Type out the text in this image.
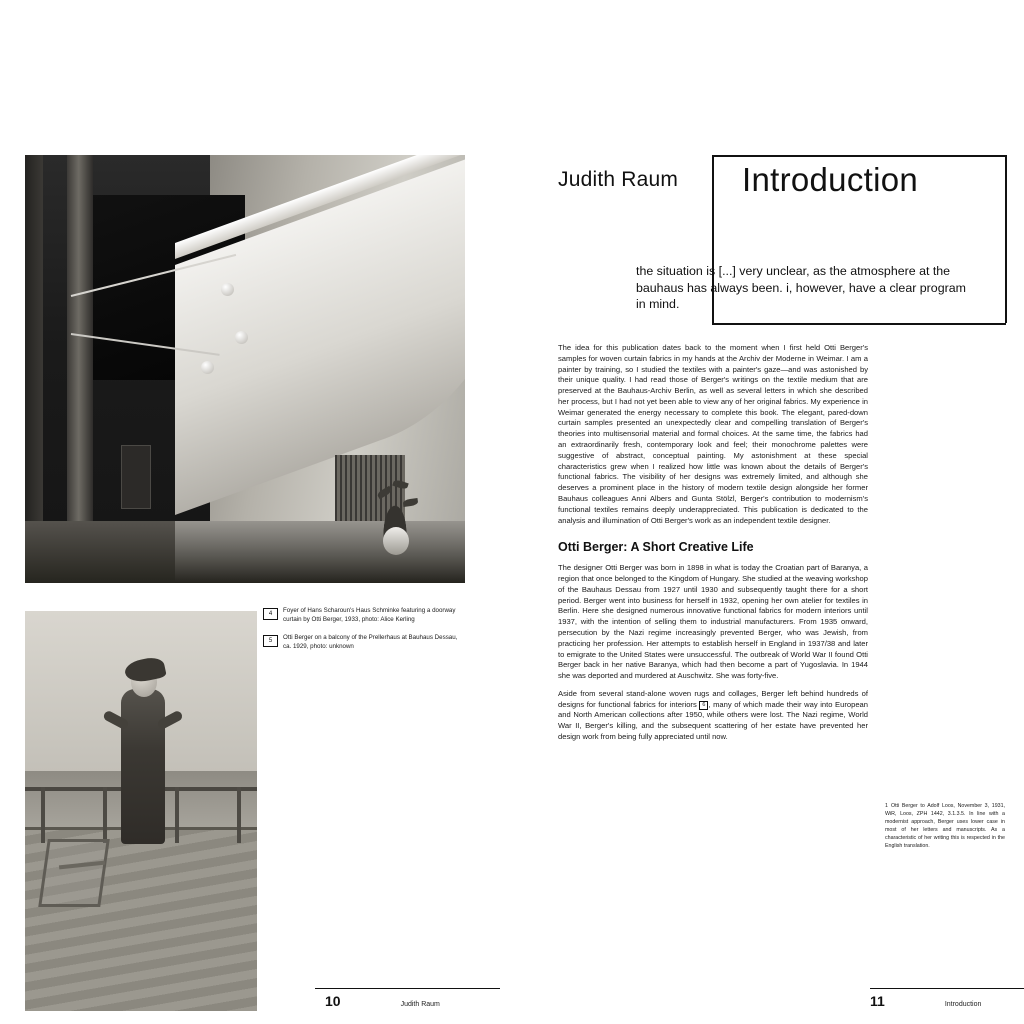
4	Foyer of Hans Scharoun's Haus Schminke featuring a doorway curtain by Otti Berger, 1933, photo: Alice Kerling
5	Otti Berger on a balcony of the Prellerhaus at Bauhaus Dessau, ca. 1929, photo: unknown
10	Judith Raum
Judith Raum	Introduction
the situation is [...] very unclear, as the atmosphere at the bauhaus has always been. i, however, have a clear program in mind.

The idea for this publication dates back to the moment when I first held Otti Berger's samples for woven curtain fabrics in my hands at the Archiv der Moderne in Weimar. I am a painter by training, so I studied the textiles with a painter's gaze—and was astonished by their unique quality. I had read those of Berger's writings on the textile medium that are preserved at the Bauhaus-Archiv Berlin, as well as several letters in which she described her process, but I had not yet been able to view any of her original fabrics. My experience in Weimar generated the energy necessary to complete this book. The elegant, pared-down curtain samples presented an unexpectedly clear and compelling translation of Berger's theories into multisensorial material and formal choices. At the same time, the fabrics had an extraordinarily fresh, contemporary look and feel; their monochrome palettes were suggestive of abstract, conceptual painting. My astonishment at these special characteristics grew when I realized how little was known about the details of Berger's functional fabrics. The visibility of her designs was extremely limited, and although she deserves a prominent place in the history of modern textile design alongside her former Bauhaus colleagues Anni Albers and Gunta Stölzl, Berger's contribution to modernism's functional textiles remains deeply underappreciated. This publication is dedicated to the analysis and illumination of Otti Berger's work as an independent textile designer.

Otti Berger: A Short Creative Life

The designer Otti Berger was born in 1898 in what is today the Croatian part of Baranya, a region that once belonged to the Kingdom of Hungary. She studied at the weaving workshop of the Bauhaus Dessau from 1927 until 1930 and subsequently taught there for a short period. Berger went into business for herself in 1932, opening her own atelier for textiles in Berlin. Here she designed numerous innovative functional fabrics for modern interiors until 1937, with the intention of selling them to industrial manufacturers. From 1935 onward, persecution by the Nazi regime increasingly prevented Berger, who was Jewish, from practicing her profession. Her attempts to establish herself in England in 1937/38 and later to emigrate to the United States were unsuccessful. The outbreak of World War II found Otti Berger back in her native Baranya, which had then become a part of Yugoslavia. In 1944 she was deported and murdered at Auschwitz. She was forty-five.

Aside from several stand-alone woven rugs and collages, Berger left behind hundreds of designs for functional fabrics for interiors 6 , many of which made their way into European and North American collections after 1950, while others were lost. The Nazi regime, World War II, Berger's killing, and the subsequent scattering of her estate have prevented her design work from being fully appreciated until now.

1 Otti Berger to Adolf Loos, November 3, 1931, WiR, Loos, ZPH 1442, 3.1.3.5. In line with a modernist approach, Berger uses lower case in most of her letters and manuscripts. As a characteristic of her writing this is respected in the English translation.
11	Introduction
